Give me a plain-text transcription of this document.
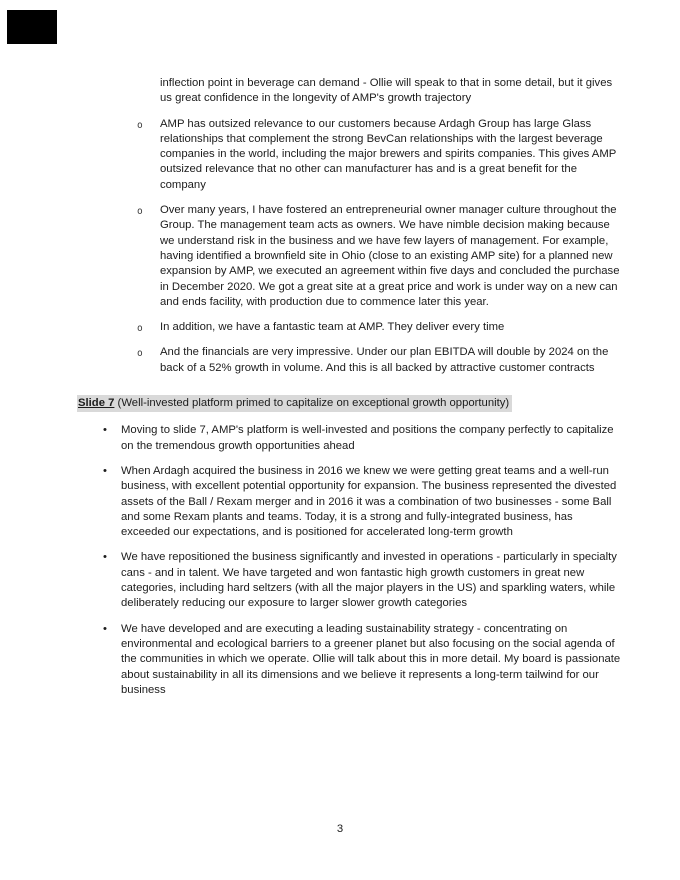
inflection point in beverage can demand - Ollie will speak to that in some detail, but it gives us great confidence in the longevity of AMP's growth trajectory
o AMP has outsized relevance to our customers because Ardagh Group has large Glass relationships that complement the strong BevCan relationships with the largest beverage companies in the world, including the major brewers and spirits companies. This gives AMP outsized relevance that no other can manufacturer has and is a great benefit for the company
o Over many years, I have fostered an entrepreneurial owner manager culture throughout the Group. The management team acts as owners. We have nimble decision making because we understand risk in the business and we have few layers of management. For example, having identified a brownfield site in Ohio (close to an existing AMP site) for a planned new expansion by AMP, we executed an agreement within five days and concluded the purchase in December 2020. We got a great site at a great price and work is under way on a new can and ends facility, with production due to commence later this year.
o In addition, we have a fantastic team at AMP. They deliver every time
o And the financials are very impressive. Under our plan EBITDA will double by 2024 on the back of a 52% growth in volume. And this is all backed by attractive customer contracts
Slide 7 (Well-invested platform primed to capitalize on exceptional growth opportunity)
• Moving to slide 7, AMP's platform is well-invested and positions the company perfectly to capitalize on the tremendous growth opportunities ahead
• When Ardagh acquired the business in 2016 we knew we were getting great teams and a well-run business, with excellent potential opportunity for expansion. The business represented the divested assets of the Ball / Rexam merger and in 2016 it was a combination of two businesses - some Ball and some Rexam plants and teams. Today, it is a strong and fully-integrated business, has exceeded our expectations, and is positioned for accelerated long-term growth
• We have repositioned the business significantly and invested in operations - particularly in specialty cans - and in talent. We have targeted and won fantastic high growth customers in great new categories, including hard seltzers (with all the major players in the US) and sparkling waters, while deliberately reducing our exposure to larger slower growth categories
• We have developed and are executing a leading sustainability strategy - concentrating on environmental and ecological barriers to a greener planet but also focusing on the social agenda of the communities in which we operate. Ollie will talk about this in more detail. My board is passionate about sustainability in all its dimensions and we believe it represents a long-term tailwind for our business
3
